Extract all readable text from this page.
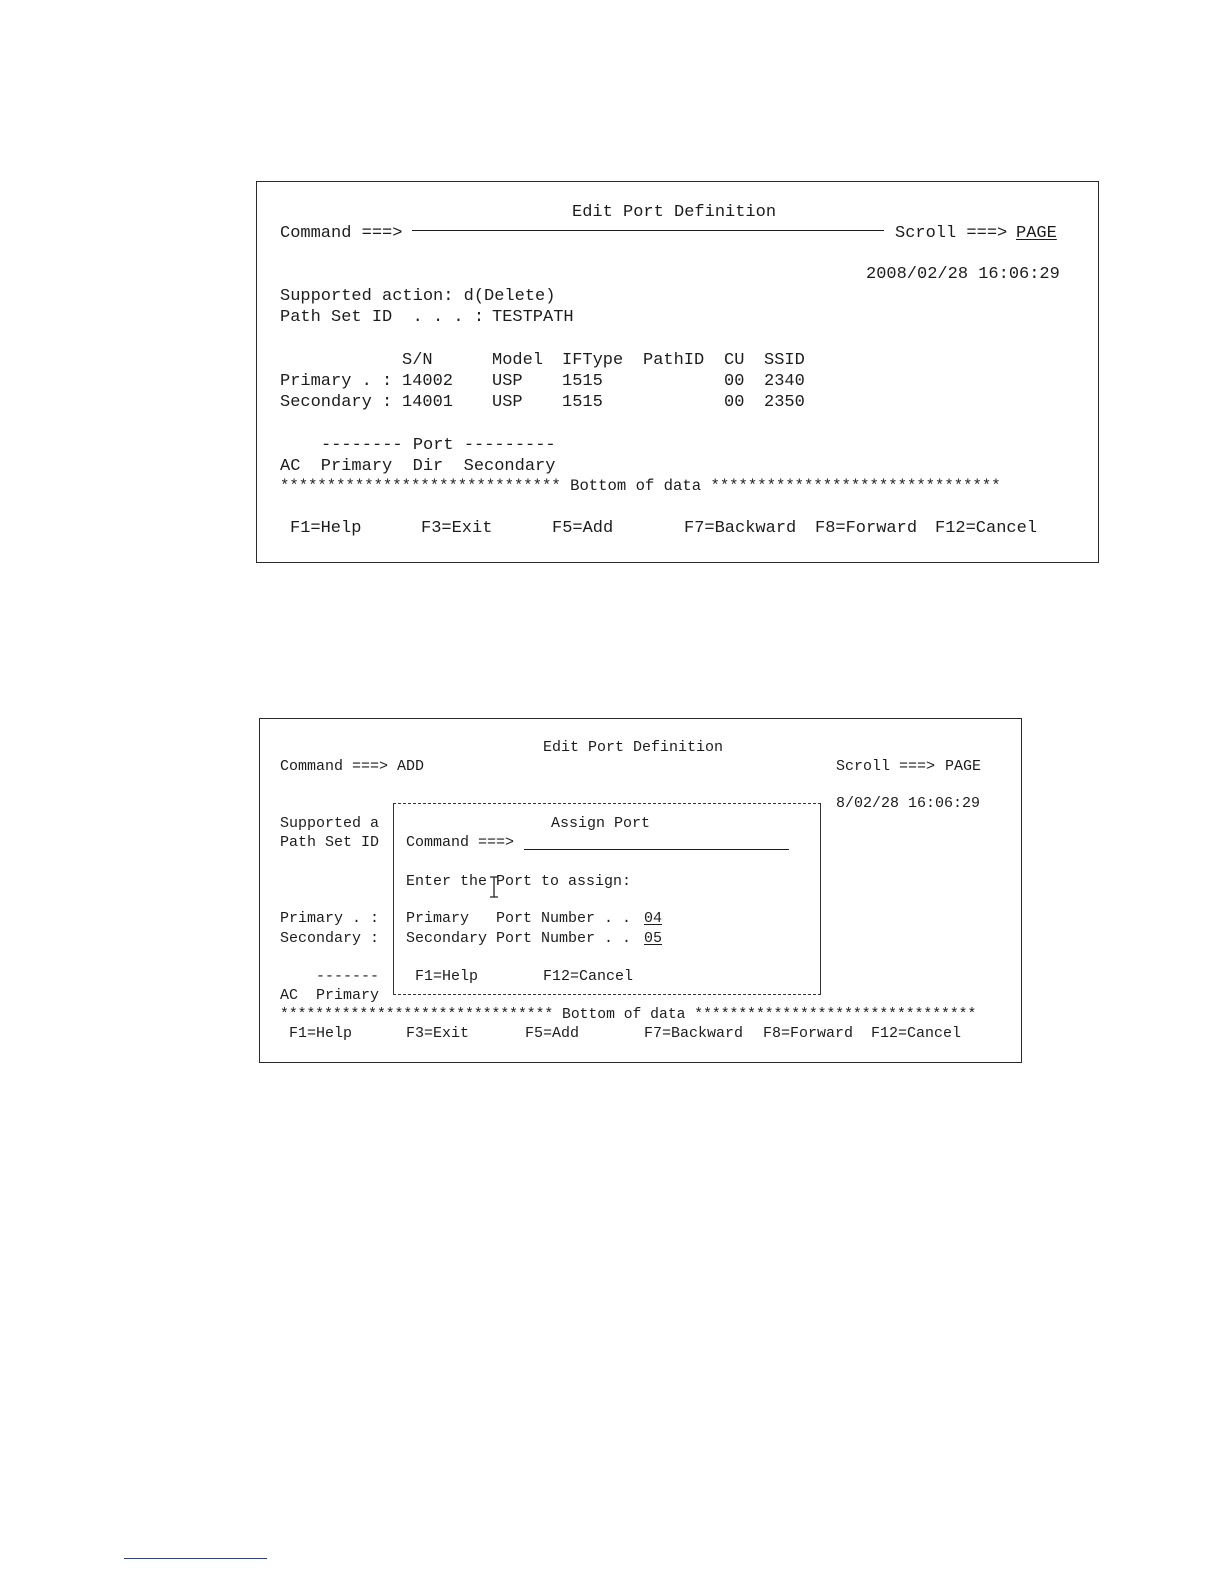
Edit Port Definition
Command ===>	Scroll ===> PAGE
2008/02/28 16:06:29
Supported action: d(Delete)
Path Set ID  . . . : TESTPATH
S/N	Model IFType PathID CU SSID
Primary . : 14002 USP 1515	00 2340
Secondary : 14001 USP 1515	00 2350
-------- Port ---------
AC  Primary  Dir  Secondary
****************************** Bottom of data *******************************
F1=Help	F3=Exit	F5=Add	F7=Backward F8=Forward F12=Cancel
Edit Port Definition
Command ===> ADD	Scroll ===> PAGE
8/02/28 16:06:29
Supported a
Path Set ID
Primary . :
Secondary :
-------
AC  Primary
Assign Port
Command ===>
Enter the Port to assign:
Primary   Port Number . . 04
Secondary Port Number . . 05
F1=Help	F12=Cancel
******************************* Bottom of data ********************************
F1=Help	F3=Exit	F5=Add	F7=Backward F8=Forward F12=Cancel
